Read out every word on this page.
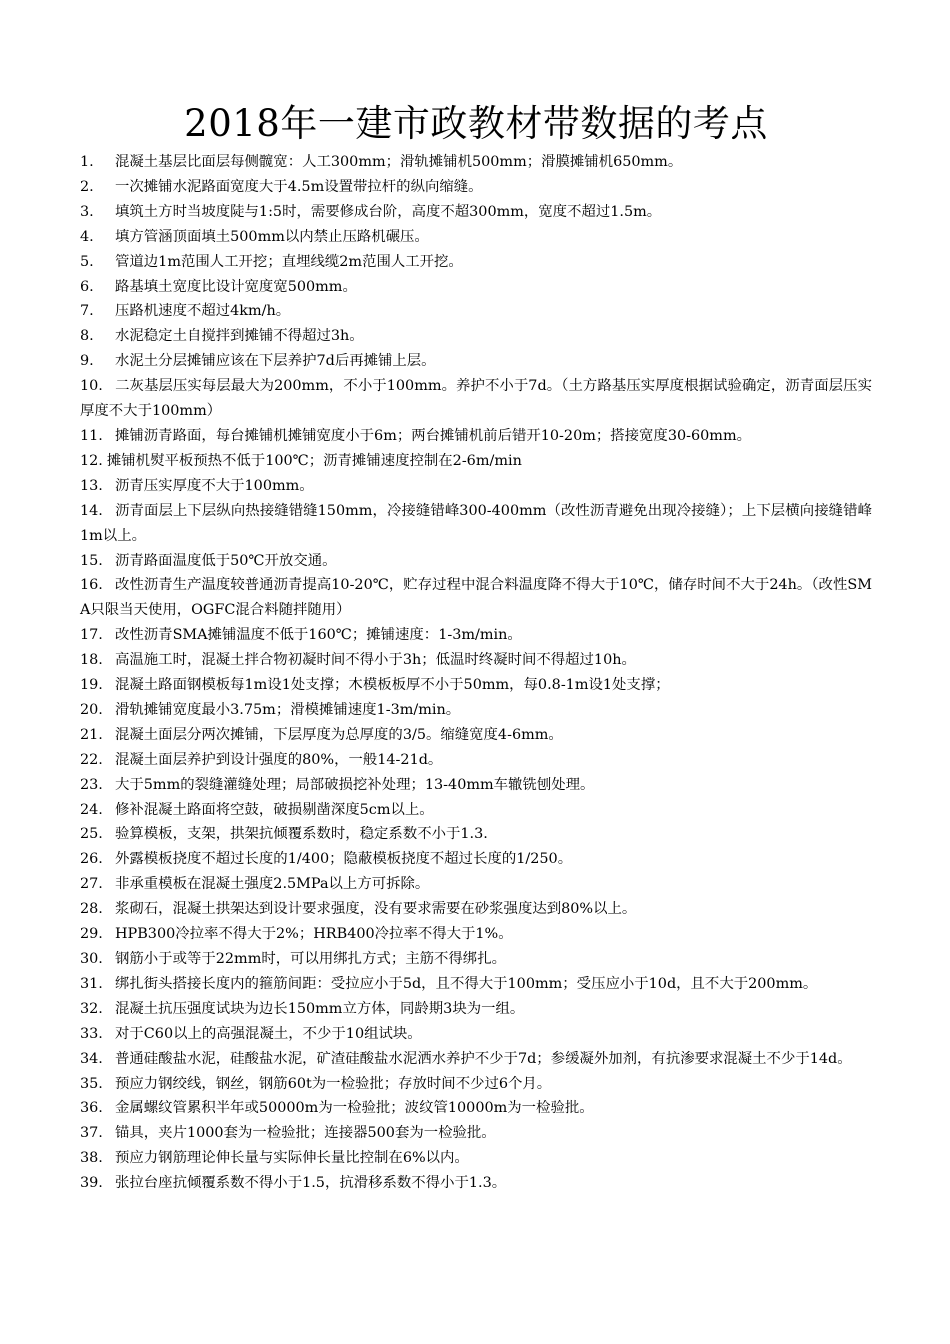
2018年一建市政教材带数据的考点
1. 混凝土基层比面层每侧髋宽：人工300mm；滑轨摊铺机500mm；滑膜摊铺机650mm。
2. 一次摊铺水泥路面宽度大于4.5m设置带拉杆的纵向缩缝。
3. 填筑土方时当坡度陡与1:5时，需要修成台阶，高度不超300mm，宽度不超过1.5m。
4. 填方管涵顶面填土500mm以内禁止压路机碾压。
5. 管道边1m范围人工开挖；直埋线缆2m范围人工开挖。
6. 路基填土宽度比设计宽度宽500mm。
7. 压路机速度不超过4km/h。
8. 水泥稳定土自搅拌到摊铺不得超过3h。
9. 水泥土分层摊铺应该在下层养护7d后再摊铺上层。
10. 二灰基层压实每层最大为200mm，不小于100mm。养护不小于7d。（土方路基压实厚度根据试验确定，沥青面层压实厚度不大于100mm）
11. 摊铺沥青路面，每台摊铺机摊铺宽度小于6m；两台摊铺机前后错开10-20m；搭接宽度30-60mm。
12. 摊铺机熨平板预热不低于100℃；沥青摊铺速度控制在2-6m/min
13. 沥青压实厚度不大于100mm。
14. 沥青面层上下层纵向热接缝错缝150mm，冷接缝错峰300-400mm（改性沥青避免出现冷接缝）；上下层横向接缝错峰1m以上。
15. 沥青路面温度低于50℃开放交通。
16. 改性沥青生产温度较普通沥青提高10-20℃，贮存过程中混合料温度降不得大于10℃，储存时间不大于24h。（改性SMA只限当天使用，OGFC混合料随拌随用）
17. 改性沥青SMA摊铺温度不低于160℃；摊铺速度：1-3m/min。
18. 高温施工时，混凝土拌合物初凝时间不得小于3h；低温时终凝时间不得超过10h。
19. 混凝土路面钢模板每1m设1处支撑；木模板板厚不小于50mm，每0.8-1m设1处支撑；
20. 滑轨摊铺宽度最小3.75m；滑模摊铺速度1-3m/min。
21. 混凝土面层分两次摊铺，下层厚度为总厚度的3/5。缩缝宽度4-6mm。
22. 混凝土面层养护到设计强度的80%，一般14-21d。
23. 大于5mm的裂缝灌缝处理；局部破损挖补处理；13-40mm车辙铣刨处理。
24. 修补混凝土路面将空鼓，破损剔凿深度5cm以上。
25. 验算模板，支架，拱架抗倾覆系数时，稳定系数不小于1.3.
26. 外露模板挠度不超过长度的1/400；隐蔽模板挠度不超过长度的1/250。
27. 非承重模板在混凝土强度2.5MPa以上方可拆除。
28. 浆砌石，混凝土拱架达到设计要求强度，没有要求需要在砂浆强度达到80%以上。
29. HPB300冷拉率不得大于2%；HRB400冷拉率不得大于1%。
30. 钢筋小于或等于22mm时，可以用绑扎方式；主筋不得绑扎。
31. 绑扎街头搭接长度内的箍筋间距：受拉应小于5d，且不得大于100mm；受压应小于10d，且不大于200mm。
32. 混凝土抗压强度试块为边长150mm立方体，同龄期3块为一组。
33. 对于C60以上的高强混凝土，不少于10组试块。
34. 普通硅酸盐水泥，硅酸盐水泥，矿渣硅酸盐水泥洒水养护不少于7d；参缓凝外加剂，有抗渗要求混凝土不少于14d。
35. 预应力钢绞线，钢丝，钢筋60t为一检验批；存放时间不少过6个月。
36. 金属螺纹管累积半年或50000m为一检验批；波纹管10000m为一检验批。
37. 锚具，夹片1000套为一检验批；连接器500套为一检验批。
38. 预应力钢筋理论伸长量与实际伸长量比控制在6%以内。
39. 张拉台座抗倾覆系数不得小于1.5，抗滑移系数不得小于1.3。
